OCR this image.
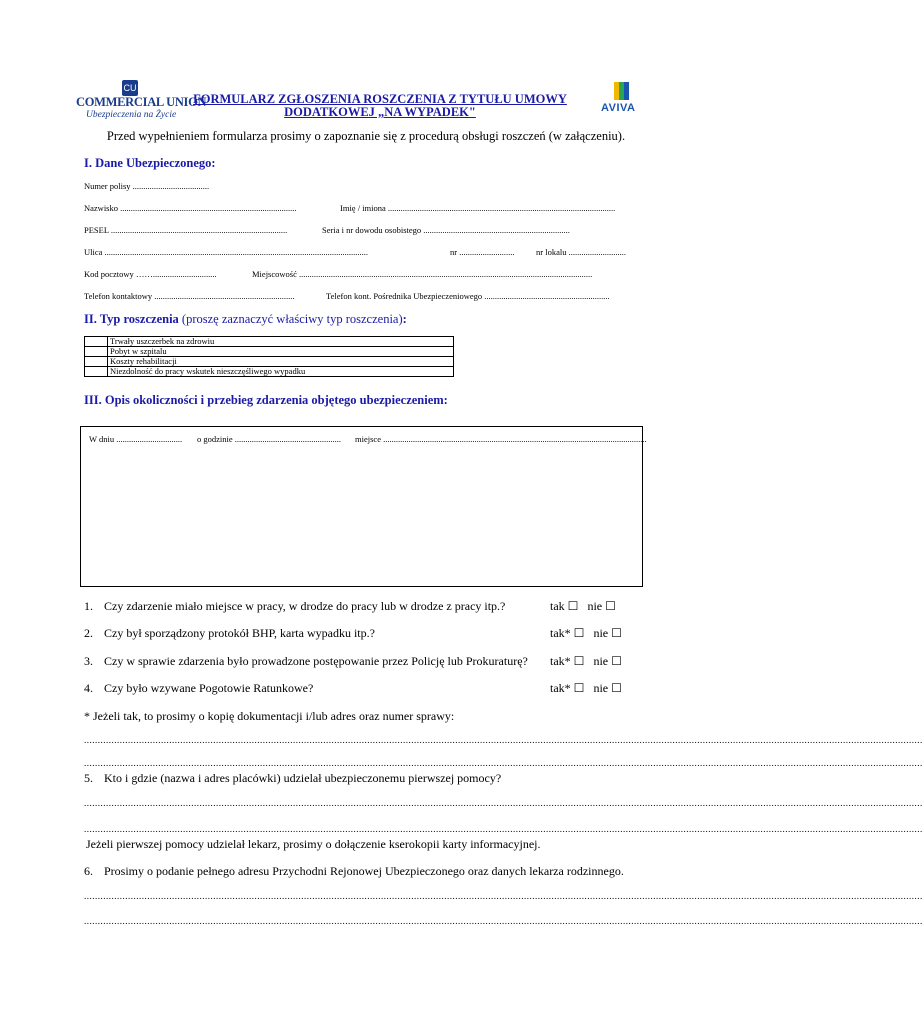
CU
COMMERCIAL UNION
Ubezpieczenia na Życie
AVIVA
FORMULARZ ZGŁOSZENIA ROSZCZENIA Z TYTUŁU UMOWY
DODATKOWEJ „NA WYPADEK"
Przed wypełnieniem formularza prosimy o zapoznanie się z procedurą obsługi roszczeń (w załączeniu).
I. Dane Ubezpieczonego:
Numer polisy ....................................
Nazwisko ...................................................................................	Imię / imiona ...........................................................................................................
PESEL ...................................................................................	Seria i nr dowodu osobistego .....................................................................
Ulica ............................................................................................................................	nr ..........................	nr lokalu ...........................
Kod pocztowy ……..............................	Miejscowość ..........................................................................................................................................
Telefon kontaktowy ..................................................................	Telefon kont. Pośrednika Ubezpieczeniowego ...........................................................
II. Typ roszczenia (proszę zaznaczyć właściwy typ roszczenia):
	Trwały uszczerbek na zdrowiu
	Pobyt w szpitalu
	Koszty rehabilitacji
	Niezdolność do pracy wskutek nieszczęśliwego wypadku
III. Opis okoliczności i przebieg zdarzenia objętego ubezpieczeniem:
W dniu ............................... o godzinie .................................................. miejsce ............................................................................................................................
1. Czy zdarzenie miało miejsce w pracy, w drodze do pracy lub w drodze z pracy itp.?	tak ☐ nie ☐
2. Czy był sporządzony protokół BHP, karta wypadku itp.?	tak* ☐ nie ☐
3. Czy w sprawie zdarzenia było prowadzone postępowanie przez Policję lub Prokuraturę? tak* ☐ nie ☐
4. Czy było wzywane Pogotowie Ratunkowe?	tak* ☐ nie ☐
* Jeżeli tak, to prosimy o kopię dokumentacji i/lub adres oraz numer sprawy:
.................................................................................................................................................................................................................................................................................................................
.................................................................................................................................................................................................................................................................................................................
5. Kto i gdzie (nazwa i adres placówki) udzielał ubezpieczonemu pierwszej pomocy?
.................................................................................................................................................................................................................................................................................................................
.................................................................................................................................................................................................................................................................................................................
Jeżeli pierwszej pomocy udzielał lekarz, prosimy o dołączenie kserokopii karty informacyjnej.
6. Prosimy o podanie pełnego adresu Przychodni Rejonowej Ubezpieczonego oraz danych lekarza rodzinnego.
.................................................................................................................................................................................................................................................................................................................
.................................................................................................................................................................................................................................................................................................................
